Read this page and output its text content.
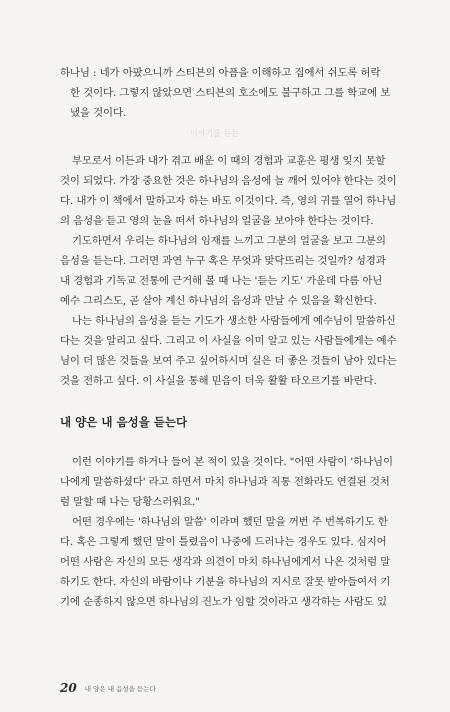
이야기를 듣는
하나님 : 네가 아팠으니까 스티븐의 아픔을 이해하고 집에서 쉬도록 허락
한 것이다. 그렇지 않았으면 스티븐의 호소에도 불구하고 그를 학교에 보
냈을 것이다.
부모로서 이든과 내가 겪고 배운 이 때의 경험과 교훈은 평생 잊지 못할
것이 되었다. 가장 중요한 것은 하나님의 음성에 늘 깨어 있어야 한다는 것이
다. 내가 이 책에서 말하고자 하는 바도 이것이다. 즉, 영의 귀를 열어 하나님
의 음성을 듣고 영의 눈을 떠서 하나님의 얼굴을 보아야 한다는 것이다.
기도하면서 우리는 하나님의 임재를 느끼고 그분의 얼굴을 보고 그분의
음성을 듣는다. 그러면 과연 누구 혹은 무엇과 맞닥뜨리는 것일까? 성경과
내 경험과 기독교 전통에 근거해 볼 때 나는 '듣는 기도' 가운데 다름 아닌
예수 그리스도, 곧 살아 계신 하나님의 음성과 만날 수 있음을 확신한다.
나는 하나님의 음성을 듣는 기도가 생소한 사람들에게 예수님이 말씀하신
다는 것을 알리고 싶다. 그리고 이 사실을 이미 알고 있는 사람들에게는 예수
님이 더 많은 것들을 보여 주고 싶어하시며 실은 더 좋은 것들이 남아 있다는
것을 전하고 싶다. 이 사실을 통해 믿음이 더욱 활활 타오르기를 바란다.
내 양은 내 음성을 듣는다
이런 이야기를 하거나 들어 본 적이 있을 것이다. "어떤 사람이 '하나님이
나에게 말씀하셨다' 라고 하면서 마치 하나님과 직통 전화라도 연결된 것처
럼 말할 때 나는 당황스러워요."
어떤 경우에는 '하나님의 말씀' 이라며 했던 말을 꺼번 주 번복하기도 한
다. 혹은 그렇게 했던 말이 틀렸음이 나중에 드러나는 경우도 있다. 심지어
어떤 사람은 자신의 모든 생각과 의견이 마치 하나님에게서 나온 것처럼 말
하기도 한다. 자신의 바람이나 기분을 하나님의 지시로 잘못 받아들여서 기
기에 순종하지 않으면 하나님의 진노가 임할 것이라고 생각하는 사람도 있
20 내 양은 내 음성을 듣는다
